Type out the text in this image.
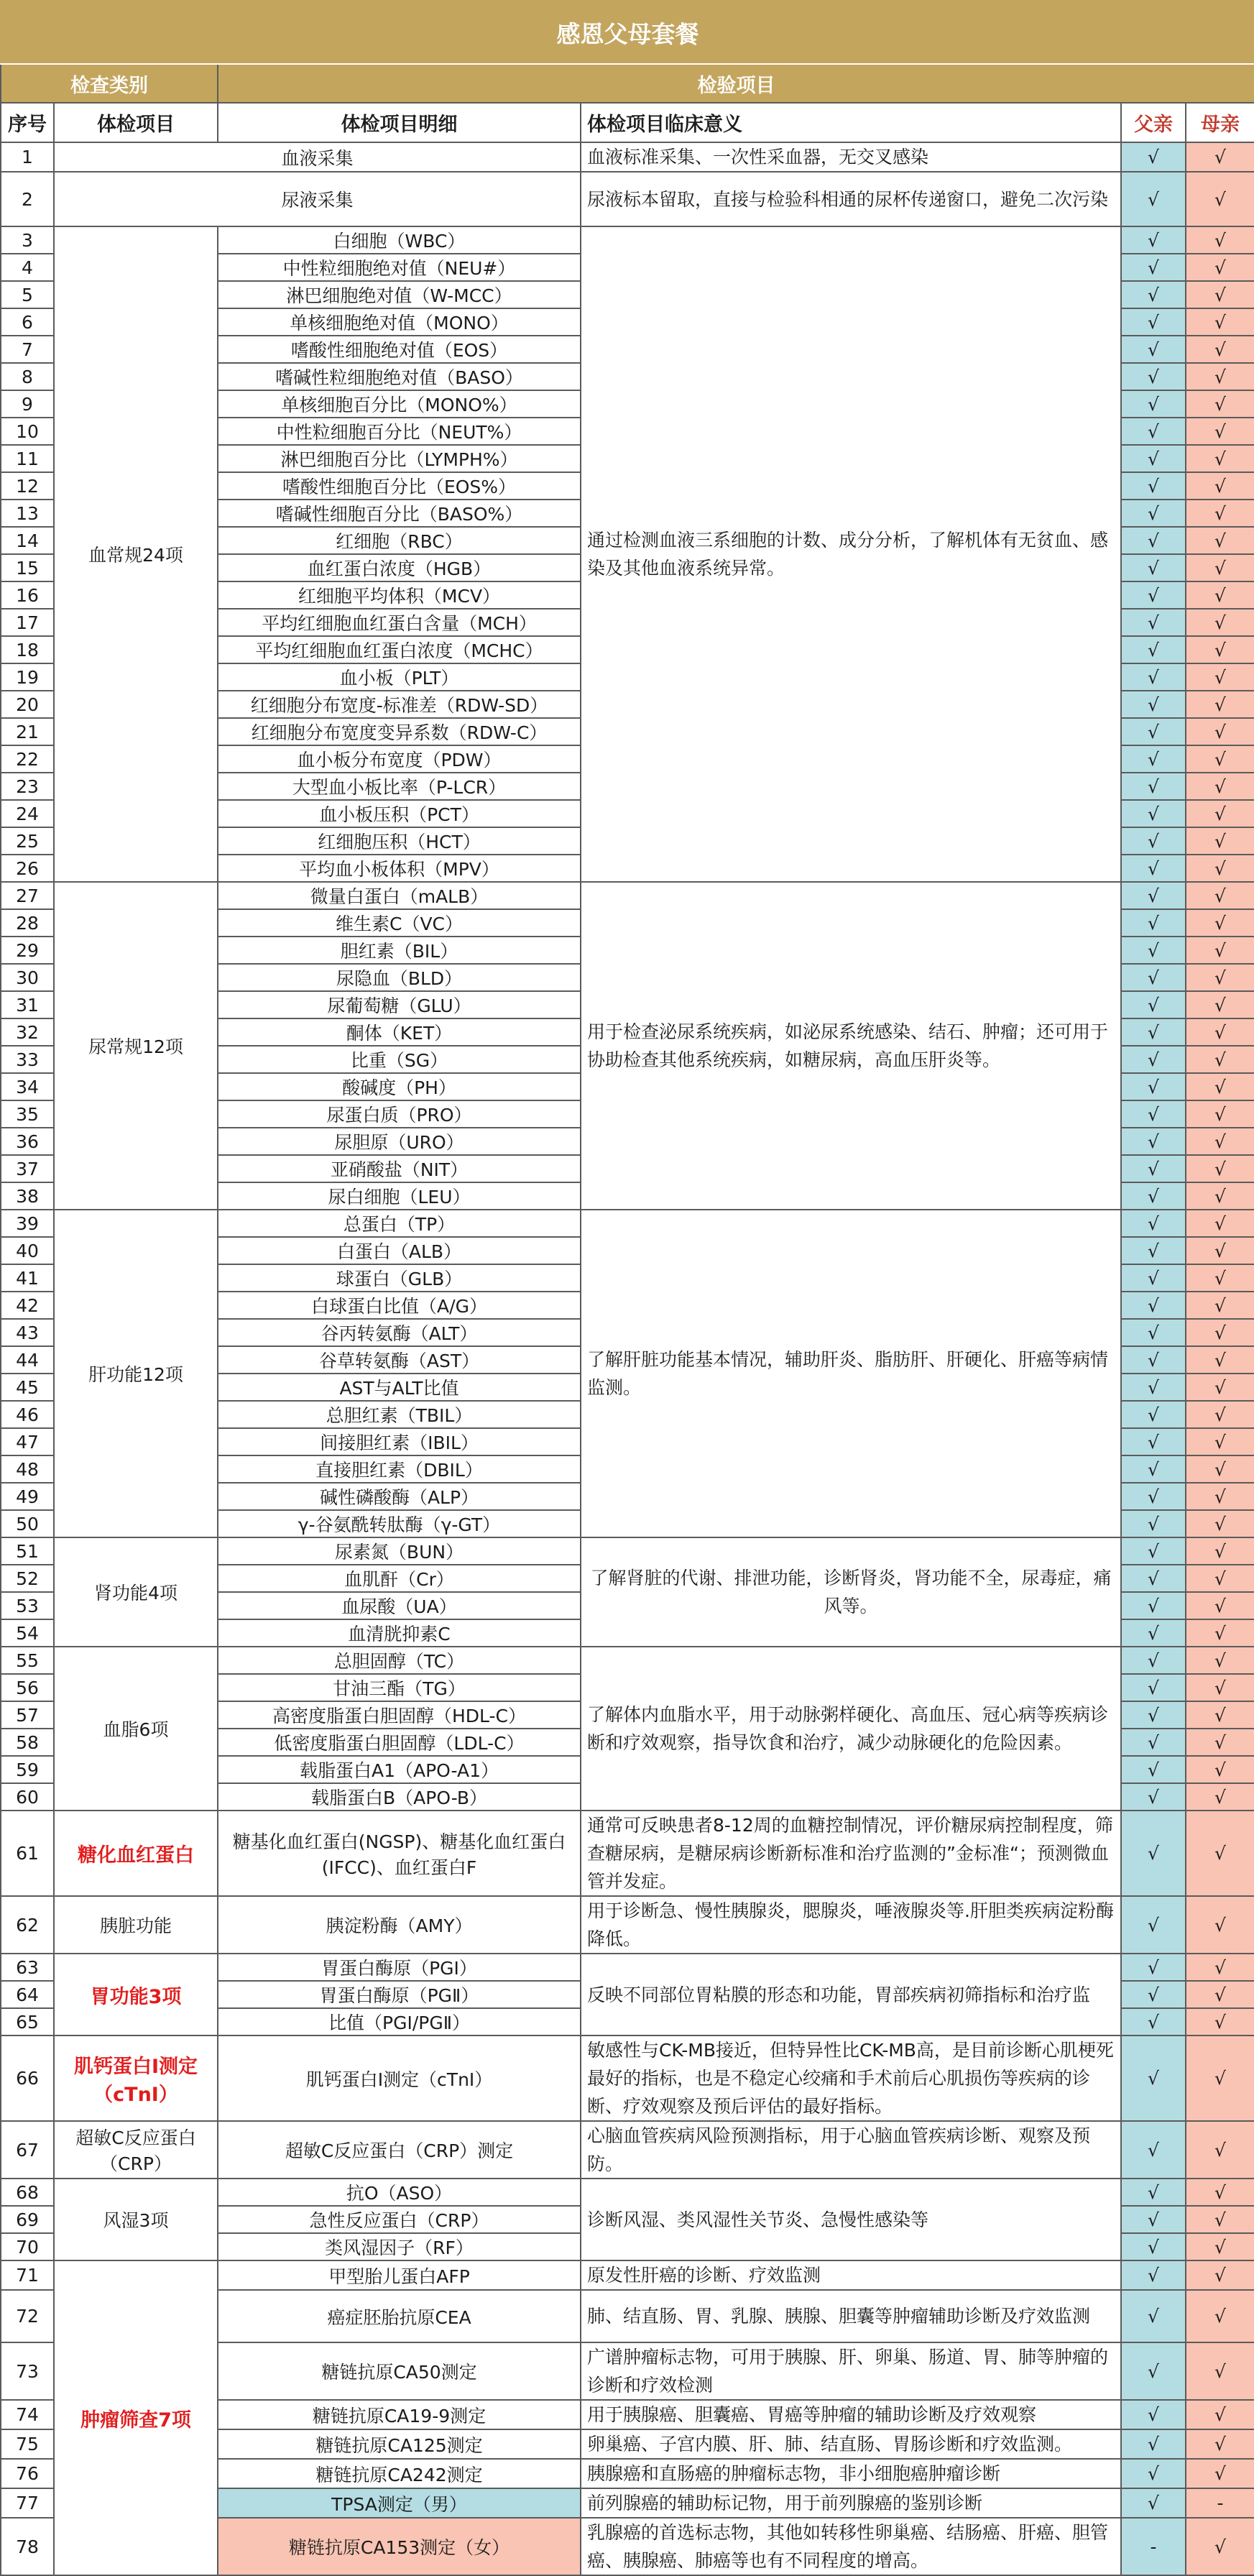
感恩父母套餐					
检查类别		检验项目			
序号	体检项目	体检项目明细	体检项目临床意义	父亲	母亲
1	血液采集		血液标准采集、一次性采血器，无交叉感染	√	√
2	尿液采集		尿液标本留取，直接与检验科相通的尿杯传递窗口，避免二次污染	√	√
3	血常规24项	白细胞（WBC）	通过检测血液三系细胞的计数、成分分析，了解机体有无贫血、感染及其他血液系统异常。	√	√
4		中性粒细胞绝对值（NEU#）		√	√
5		淋巴细胞绝对值（W-MCC）		√	√
6		单核细胞绝对值（MONO）		√	√
7		嗜酸性细胞绝对值（EOS）		√	√
8		嗜碱性粒细胞绝对值（BASO）		√	√
9		单核细胞百分比（MONO%）		√	√
10		中性粒细胞百分比（NEUT%）		√	√
11		淋巴细胞百分比（LYMPH%）		√	√
12		嗜酸性细胞百分比（EOS%）		√	√
13		嗜碱性细胞百分比（BASO%）		√	√
14		红细胞（RBC）		√	√
15		血红蛋白浓度（HGB）		√	√
16		红细胞平均体积（MCV）		√	√
17		平均红细胞血红蛋白含量（MCH）		√	√
18		平均红细胞血红蛋白浓度（MCHC）		√	√
19		血小板（PLT）		√	√
20		红细胞分布宽度-标准差（RDW-SD）		√	√
21		红细胞分布宽度变异系数（RDW-C）		√	√
22		血小板分布宽度（PDW）		√	√
23		大型血小板比率（P-LCR）		√	√
24		血小板压积（PCT）		√	√
25		红细胞压积（HCT）		√	√
26		平均血小板体积（MPV）		√	√
27	尿常规12项	微量白蛋白（mALB）	用于检查泌尿系统疾病，如泌尿系统感染、结石、肿瘤；还可用于协助检查其他系统疾病，如糖尿病，高血压肝炎等。	√	√
28		维生素C（VC）		√	√
29		胆红素（BIL）		√	√
30		尿隐血（BLD）		√	√
31		尿葡萄糖（GLU）		√	√
32		酮体（KET）		√	√
33		比重（SG）		√	√
34		酸碱度（PH）		√	√
35		尿蛋白质（PRO）		√	√
36		尿胆原（URO）		√	√
37		亚硝酸盐（NIT）		√	√
38		尿白细胞（LEU）		√	√
39	肝功能12项	总蛋白（TP）	了解肝脏功能基本情况，辅助肝炎、脂肪肝、肝硬化、肝癌等病情监测。	√	√
40		白蛋白（ALB）		√	√
41		球蛋白（GLB）		√	√
42		白球蛋白比值（A/G）		√	√
43		谷丙转氨酶（ALT）		√	√
44		谷草转氨酶（AST）		√	√
45		AST与ALT比值		√	√
46		总胆红素（TBIL）		√	√
47		间接胆红素（IBIL）		√	√
48		直接胆红素（DBIL）		√	√
49		碱性磷酸酶（ALP）		√	√
50		γ-谷氨酰转肽酶（γ-GT）		√	√
51	肾功能4项	尿素氮（BUN）	了解肾脏的代谢、排泄功能，诊断肾炎，肾功能不全，尿毒症，痛风等。	√	√
52		血肌酐（Cr）		√	√
53		血尿酸（UA）		√	√
54		血清胱抑素C		√	√
55	血脂6项	总胆固醇（TC）	了解体内血脂水平，用于动脉粥样硬化、高血压、冠心病等疾病诊断和疗效观察，指导饮食和治疗，减少动脉硬化的危险因素。	√	√
56		甘油三酯（TG）		√	√
57		高密度脂蛋白胆固醇（HDL-C）		√	√
58		低密度脂蛋白胆固醇（LDL-C）		√	√
59		载脂蛋白A1（APO-A1）		√	√
60		载脂蛋白B（APO-B）		√	√
61	糖化血红蛋白	糖基化血红蛋白(NGSP)、糖基化血红蛋白(IFCC)、血红蛋白F	通常可反映患者8-12周的血糖控制情况，评价糖尿病控制程度，筛查糖尿病，是糖尿病诊断新标准和治疗监测的”金标准“；预测微血管并发症。	√	√
62	胰脏功能	胰淀粉酶（AMY）	用于诊断急、慢性胰腺炎，腮腺炎，唾液腺炎等.肝胆类疾病淀粉酶降低。	√	√
63	胃功能3项	胃蛋白酶原（PGⅠ）	反映不同部位胃粘膜的形态和功能，胃部疾病初筛指标和治疗监	√	√
64		胃蛋白酶原（PGⅡ）		√	√
65		比值（PGⅠ/PGⅡ）		√	√
66	肌钙蛋白I测定（cTnⅠ）	肌钙蛋白I测定（cTnⅠ）	敏感性与CK-MB接近，但特异性比CK-MB高，是目前诊断心肌梗死最好的指标，也是不稳定心绞痛和手术前后心肌损伤等疾病的诊断、疗效观察及预后评估的最好指标。	√	√
67	超敏C反应蛋白（CRP）	超敏C反应蛋白（CRP）测定	心脑血管疾病风险预测指标，用于心脑血管疾病诊断、观察及预防。	√	√
68	风湿3项	抗O（ASO）	诊断风湿、类风湿性关节炎、急慢性感染等	√	√
69		急性反应蛋白（CRP）		√	√
70		类风湿因子（RF）		√	√
71	肿瘤筛查7项	甲型胎儿蛋白AFP	原发性肝癌的诊断、疗效监测	√	√
72		癌症胚胎抗原CEA	肺、结直肠、胃、乳腺、胰腺、胆囊等肿瘤辅助诊断及疗效监测	√	√
73		糖链抗原CA50测定	广谱肿瘤标志物，可用于胰腺、肝、卵巢、肠道、胃、肺等肿瘤的诊断和疗效检测	√	√
74		糖链抗原CA19-9测定	用于胰腺癌、胆囊癌、胃癌等肿瘤的辅助诊断及疗效观察	√	√
75		糖链抗原CA125测定	卵巢癌、子宫内膜、肝、肺、结直肠、胃肠诊断和疗效监测。	√	√
76		糖链抗原CA242测定	胰腺癌和直肠癌的肿瘤标志物，非小细胞癌肿瘤诊断	√	√
77		TPSA测定（男）	前列腺癌的辅助标记物，用于前列腺癌的鉴别诊断	√	-
78		糖链抗原CA153测定（女）	乳腺癌的首选标志物，其他如转移性卵巢癌、结肠癌、肝癌、胆管癌、胰腺癌、肺癌等也有不同程度的增高。	-	√
